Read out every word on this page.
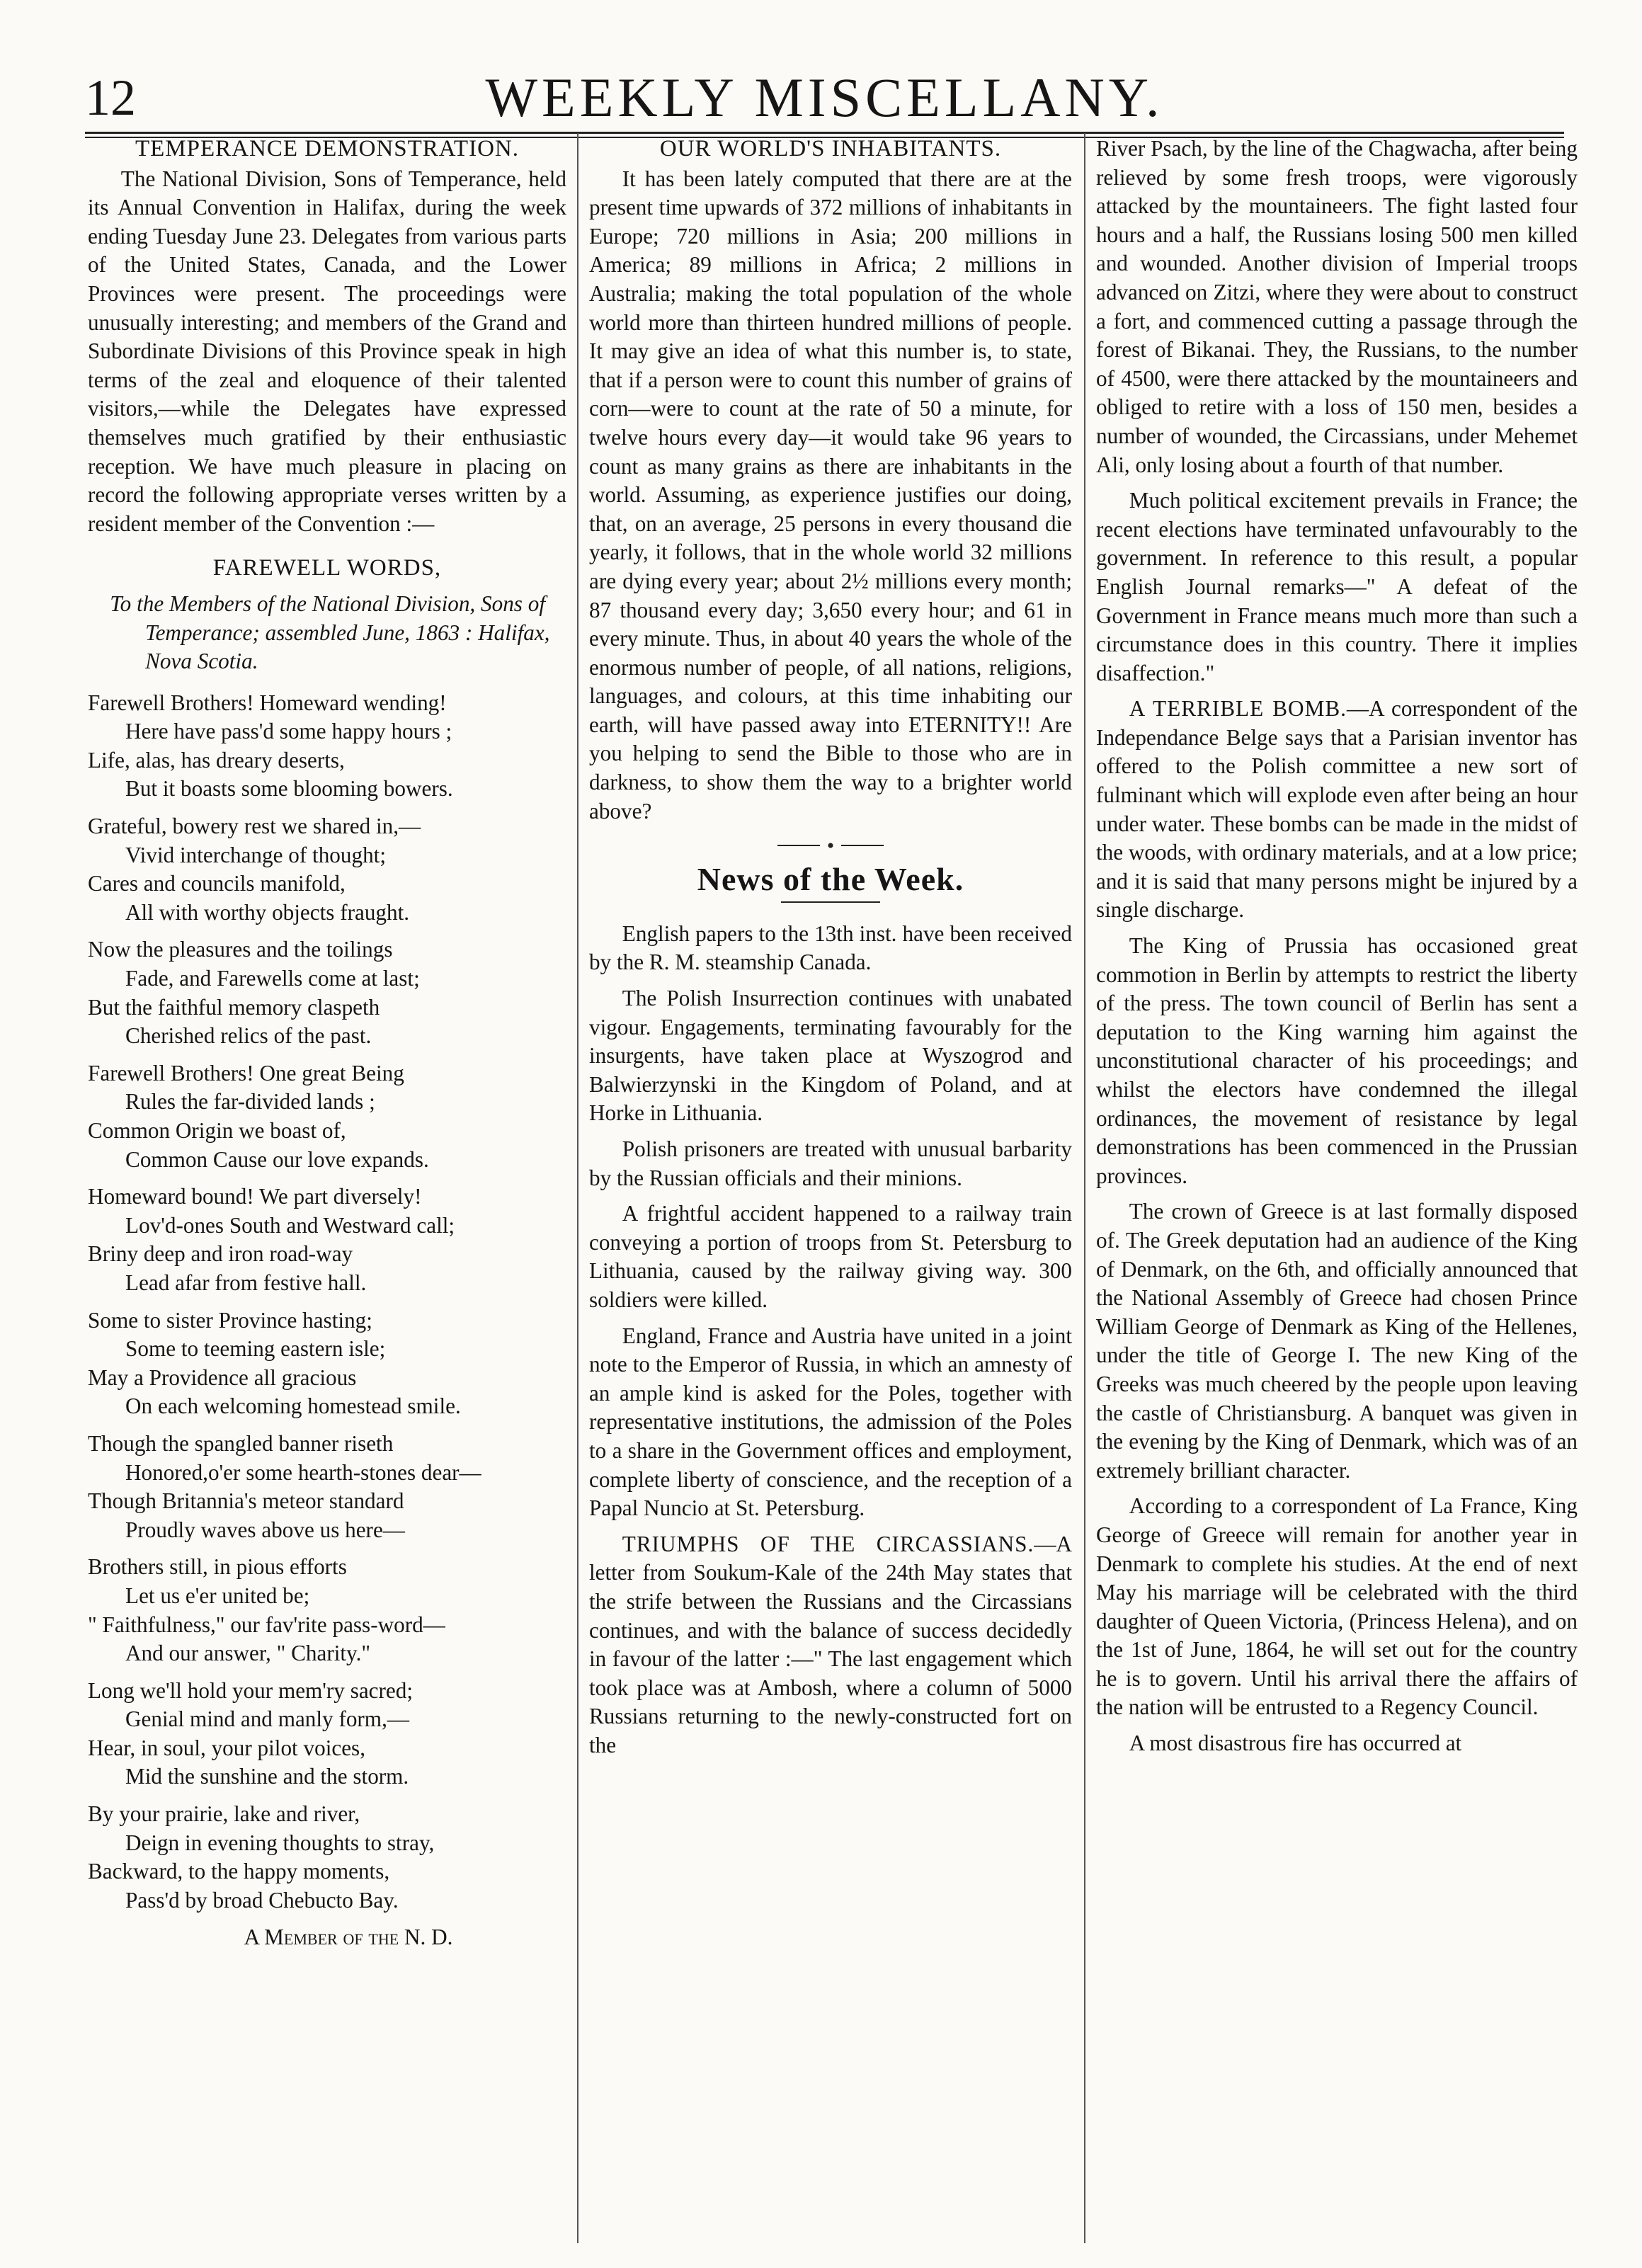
12	WEEKLY MISCELLANY.
TEMPERANCE DEMONSTRATION.

The National Division, Sons of Temperance, held its Annual Convention in Halifax, during the week ending Tuesday June 23. Delegates from various parts of the United States, Canada, and the Lower Provinces were present. The proceedings were unusually interesting; and members of the Grand and Subordinate Divisions of this Province speak in high terms of the zeal and eloquence of their talented visitors,—while the Delegates have expressed themselves much gratified by their enthusiastic reception. We have much pleasure in placing on record the following appropriate verses written by a resident member of the Convention :—

FAREWELL WORDS,
To the Members of the National Division, Sons of Temperance; assembled June, 1863 : Halifax, Nova Scotia.
Farewell Brothers! Homeward wending!
Here have pass'd some happy hours ;
Life, alas, has dreary deserts,
But it boasts some blooming bowers.
Grateful, bowery rest we shared in,—
Vivid interchange of thought;
Cares and councils manifold,
All with worthy objects fraught.
Now the pleasures and the toilings
Fade, and Farewells come at last;
But the faithful memory claspeth
Cherished relics of the past.
Farewell Brothers! One great Being
Rules the far-divided lands ;
Common Origin we boast of,
Common Cause our love expands.
Homeward bound! We part diversely!
Lov'd-ones South and Westward call;
Briny deep and iron road-way
Lead afar from festive hall.
Some to sister Province hasting;
Some to teeming eastern isle;
May a Providence all gracious
On each welcoming homestead smile.
Though the spangled banner riseth
Honored,o'er some hearth-stones dear—
Though Britannia's meteor standard
Proudly waves above us here—
Brothers still, in pious efforts
Let us e'er united be;
" Faithfulness," our fav'rite pass-word—
And our answer, " Charity."
Long we'll hold your mem'ry sacred;
Genial mind and manly form,—
Hear, in soul, your pilot voices,
Mid the sunshine and the storm.
By your prairie, lake and river,
Deign in evening thoughts to stray,
Backward, to the happy moments,
Pass'd by broad Chebucto Bay.
A Member of the N. D.
OUR WORLD'S INHABITANTS.

It has been lately computed that there are at the present time upwards of 372 millions of inhabitants in Europe; 720 millions in Asia; 200 millions in America; 89 millions in Africa; 2 millions in Australia; making the total population of the whole world more than thirteen hundred millions of people. It may give an idea of what this number is, to state, that if a person were to count this number of grains of corn—were to count at the rate of 50 a minute, for twelve hours every day—it would take 96 years to count as many grains as there are inhabitants in the world. Assuming, as experience justifies our doing, that, on an average, 25 persons in every thousand die yearly, it follows, that in the whole world 32 millions are dying every year; about 2½ millions every month; 87 thousand every day; 3,650 every hour; and 61 in every minute. Thus, in about 40 years the whole of the enormous number of people, of all nations, religions, languages, and colours, at this time inhabiting our earth, will have passed away into ETERNITY!! Are you helping to send the Bible to those who are in darkness, to show them the way to a brighter world above?

News of the Week.

English papers to the 13th inst. have been received by the R. M. steamship Canada.

The Polish Insurrection continues with unabated vigour. Engagements, terminating favourably for the insurgents, have taken place at Wyszogrod and Balwierzynski in the Kingdom of Poland, and at Horke in Lithuania.

Polish prisoners are treated with unusual barbarity by the Russian officials and their minions.

A frightful accident happened to a railway train conveying a portion of troops from St. Petersburg to Lithuania, caused by the railway giving way. 300 soldiers were killed.

England, France and Austria have united in a joint note to the Emperor of Russia, in which an amnesty of an ample kind is asked for the Poles, together with representative institutions, the admission of the Poles to a share in the Government offices and employment, complete liberty of conscience, and the reception of a Papal Nuncio at St. Petersburg.

TRIUMPHS OF THE CIRCASSIANS.—A letter from Soukum-Kale of the 24th May states that the strife between the Russians and the Circassians continues, and with the balance of success decidedly in favour of the latter :—" The last engagement which took place was at Ambosh, where a column of 5000 Russians returning to the newly-constructed fort on the

River Psach, by the line of the Chagwacha, after being relieved by some fresh troops, were vigorously attacked by the mountaineers. The fight lasted four hours and a half, the Russians losing 500 men killed and wounded. Another division of Imperial troops advanced on Zitzi, where they were about to construct a fort, and commenced cutting a passage through the forest of Bikanai. They, the Russians, to the number of 4500, were there attacked by the mountaineers and obliged to retire with a loss of 150 men, besides a number of wounded, the Circassians, under Mehemet Ali, only losing about a fourth of that number.

Much political excitement prevails in France; the recent elections have terminated unfavourably to the government. In reference to this result, a popular English Journal remarks—" A defeat of the Government in France means much more than such a circumstance does in this country. There it implies disaffection."

A TERRIBLE BOMB.—A correspondent of the Independance Belge says that a Parisian inventor has offered to the Polish committee a new sort of fulminant which will explode even after being an hour under water. These bombs can be made in the midst of the woods, with ordinary materials, and at a low price; and it is said that many persons might be injured by a single discharge.

The King of Prussia has occasioned great commotion in Berlin by attempts to restrict the liberty of the press. The town council of Berlin has sent a deputation to the King warning him against the unconstitutional character of his proceedings; and whilst the electors have condemned the illegal ordinances, the movement of resistance by legal demonstrations has been commenced in the Prussian provinces.

The crown of Greece is at last formally disposed of. The Greek deputation had an audience of the King of Denmark, on the 6th, and officially announced that the National Assembly of Greece had chosen Prince William George of Denmark as King of the Hellenes, under the title of George I. The new King of the Greeks was much cheered by the people upon leaving the castle of Christiansburg. A banquet was given in the evening by the King of Denmark, which was of an extremely brilliant character.

According to a correspondent of La France, King George of Greece will remain for another year in Denmark to complete his studies. At the end of next May his marriage will be celebrated with the third daughter of Queen Victoria, (Princess Helena), and on the 1st of June, 1864, he will set out for the country he is to govern. Until his arrival there the affairs of the nation will be entrusted to a Regency Council.

A most disastrous fire has occurred at
